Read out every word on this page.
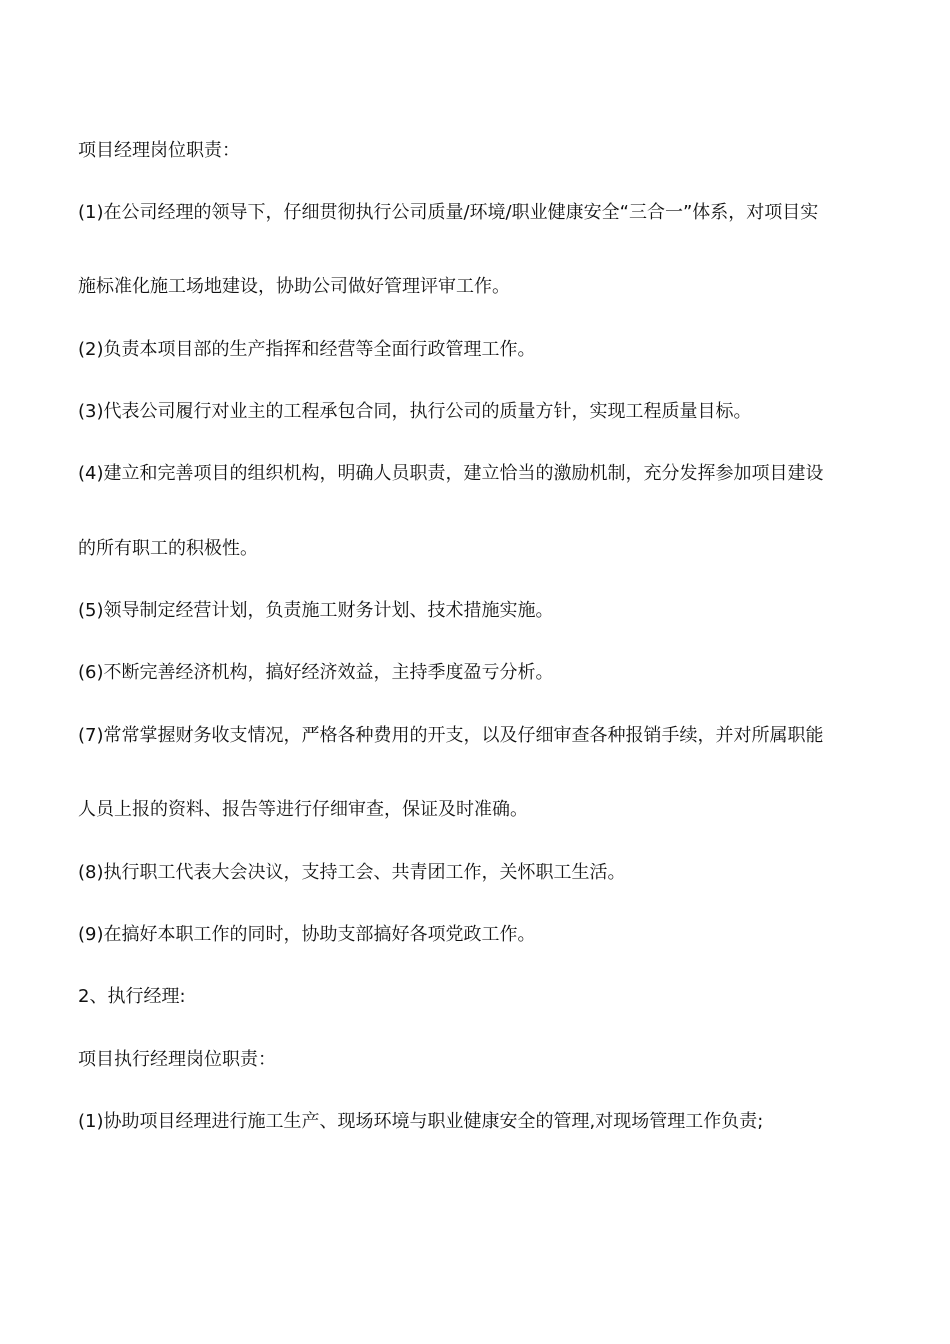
项目经理岗位职责：
(1)在公司经理的领导下，仔细贯彻执行公司质量/环境/职业健康安全“三合一”体系，对项目实
施标准化施工场地建设，协助公司做好管理评审工作。
(2)负责本项目部的生产指挥和经营等全面行政管理工作。
(3)代表公司履行对业主的工程承包合同，执行公司的质量方针，实现工程质量目标。
(4)建立和完善项目的组织机构，明确人员职责，建立恰当的激励机制，充分发挥参加项目建设
的所有职工的积极性。
(5)领导制定经营计划，负责施工财务计划、技术措施实施。
(6)不断完善经济机构，搞好经济效益，主持季度盈亏分析。
(7)常常掌握财务收支情况，严格各种费用的开支，以及仔细审查各种报销手续，并对所属职能
人员上报的资料、报告等进行仔细审查，保证及时准确。
(8)执行职工代表大会决议，支持工会、共青团工作，关怀职工生活。
(9)在搞好本职工作的同时，协助支部搞好各项党政工作。
2、执行经理:
项目执行经理岗位职责：
(1)协助项目经理进行施工生产、现场环境与职业健康安全的管理,对现场管理工作负责;
